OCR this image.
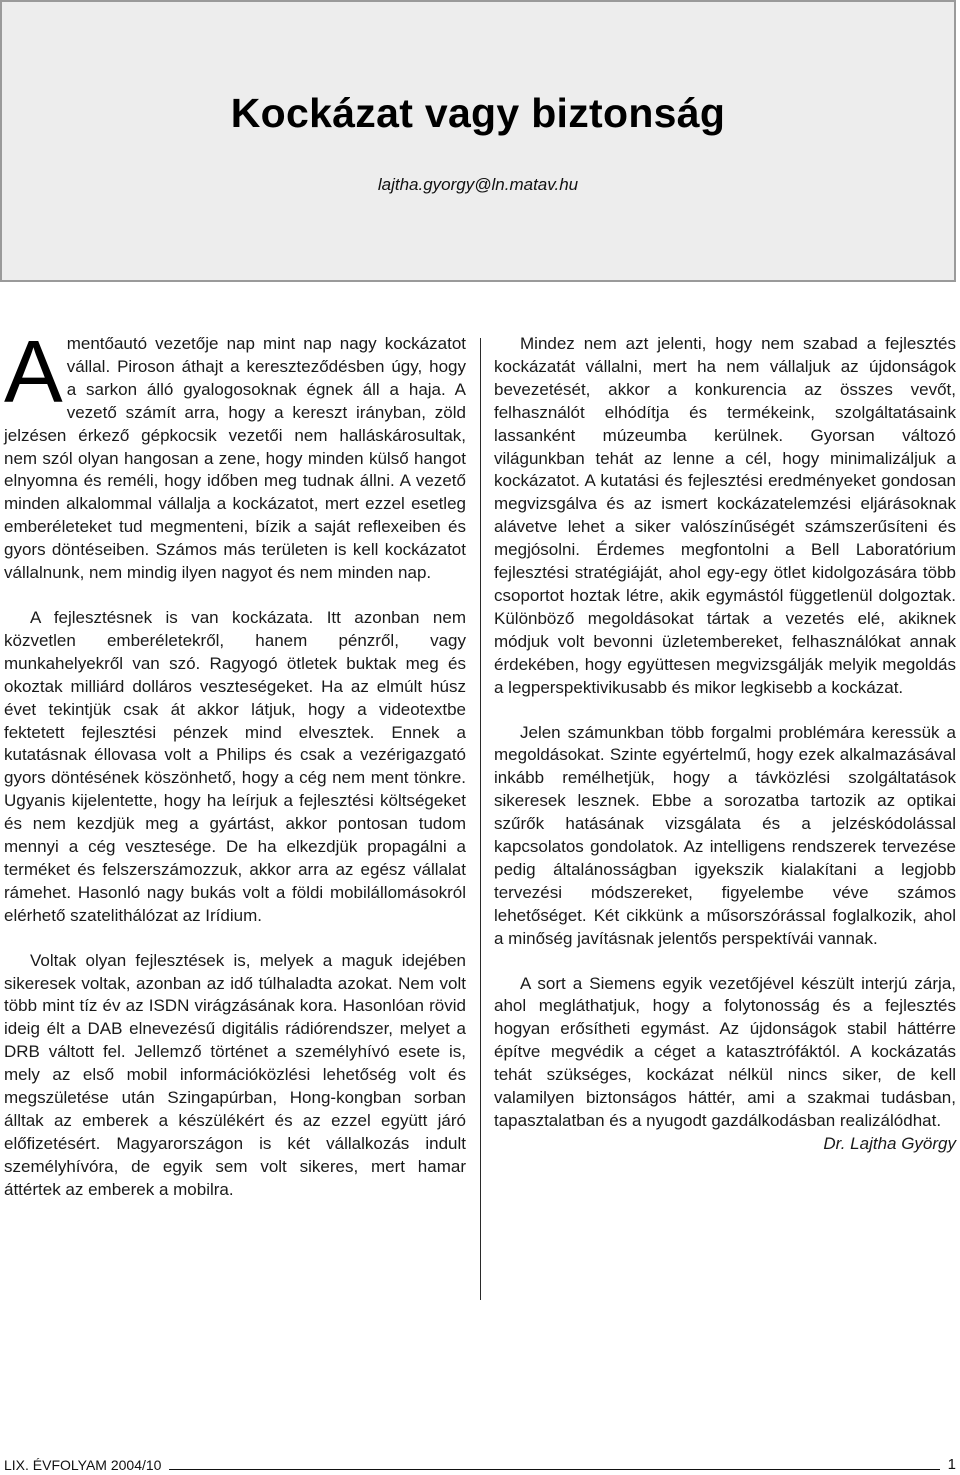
Kockázat vagy biztonság
lajtha.gyorgy@ln.matav.hu

Amentőautó vezetője nap mint nap nagy kockázatot vállal. Piroson áthajt a kereszteződésben úgy, hogy a sarkon álló gyalogosoknak égnek áll a haja. A vezető számít arra, hogy a kereszt irányban, zöld jelzésen érkező gépkocsik vezetői nem halláskárosultak, nem szól olyan hangosan a zene, hogy minden külső hangot elnyomna és reméli, hogy időben meg tudnak állni. A vezető minden alkalommal vállalja a kockázatot, mert ezzel esetleg emberéleteket tud megmenteni, bízik a saját reflexeiben és gyors döntéseiben. Számos más területen is kell kockázatot vállalnunk, nem mindig ilyen nagyot és nem minden nap.

A fejlesztésnek is van kockázata. Itt azonban nem közvetlen emberéletekről, hanem pénzről, vagy munkahelyekről van szó. Ragyogó ötletek buktak meg és okoztak milliárd dolláros veszteségeket. Ha az elmúlt húsz évet tekintjük csak át akkor látjuk, hogy a videotextbe fektetett fejlesztési pénzek mind elvesztek. Ennek a kutatásnak éllovasa volt a Philips és csak a vezérigazgató gyors döntésének köszönhető, hogy a cég nem ment tönkre. Ugyanis kijelentette, hogy ha leírjuk a fejlesztési költségeket és nem kezdjük meg a gyártást, akkor pontosan tudom mennyi a cég vesztesége. De ha elkezdjük propagálni a terméket és felszerszámozzuk, akkor arra az egész vállalat rámehet. Hasonló nagy bukás volt a földi mobilállomásokról elérhető szatelithálózat az Irídium.

Voltak olyan fejlesztések is, melyek a maguk idejében sikeresek voltak, azonban az idő túlhaladta azokat. Nem volt több mint tíz év az ISDN virágzásának kora. Hasonlóan rövid ideig élt a DAB elnevezésű digitális rádiórendszer, melyet a DRB váltott fel. Jellemző történet a személyhívó esete is, mely az első mobil információközlési lehetőség volt és megszületése után Szingapúrban, Hong-kongban sorban álltak az emberek a készülékért és az ezzel együtt járó előfizetésért. Magyarországon is két vállalkozás indult személyhívóra, de egyik sem volt sikeres, mert hamar áttértek az emberek a mobilra.

Mindez nem azt jelenti, hogy nem szabad a fejlesztés kockázatát vállalni, mert ha nem vállaljuk az újdonságok bevezetését, akkor a konkurencia az összes vevőt, felhasználót elhódítja és termékeink, szolgáltatásaink lassanként múzeumba kerülnek. Gyorsan változó világunkban tehát az lenne a cél, hogy minimalizáljuk a kockázatot. A kutatási és fejlesztési eredményeket gondosan megvizsgálva és az ismert kockázatelemzési eljárásoknak alávetve lehet a siker valószínűségét számszerűsíteni és megjósolni. Érdemes megfontolni a Bell Laboratórium fejlesztési stratégiáját, ahol egy-egy ötlet kidolgozására több csoportot hoztak létre, akik egymástól függetlenül dolgoztak. Különböző megoldásokat tártak a vezetés elé, akiknek módjuk volt bevonni üzletembereket, felhasználókat annak érdekében, hogy együttesen megvizsgálják melyik megoldás a legperspektivikusabb és mikor legkisebb a kockázat.

Jelen számunkban több forgalmi problémára keressük a megoldásokat. Szinte egyértelmű, hogy ezek alkalmazásával inkább remélhetjük, hogy a távközlési szolgáltatások sikeresek lesznek. Ebbe a sorozatba tartozik az optikai szűrők hatásának vizsgálata és a jelzéskódolással kapcsolatos gondolatok. Az intelligens rendszerek tervezése pedig általánosságban igyekszik kialakítani a legjobb tervezési módszereket, figyelembe véve számos lehetőséget. Két cikkünk a műsorszórással foglalkozik, ahol a minőség javításnak jelentős perspektívái vannak.

A sort a Siemens egyik vezetőjével készült interjú zárja, ahol megláthatjuk, hogy a folytonosság és a fejlesztés hogyan erősítheti egymást. Az újdonságok stabil háttérre építve megvédik a céget a katasztrófáktól. A kockázatás tehát szükséges, kockázat nélkül nincs siker, de kell valamilyen biztonságos háttér, ami a szakmai tudásban, tapasztalatban és a nyugodt gazdálkodásban realizálódhat.

Dr. Lajtha György

LIX. ÉVFOLYAM 2004/10	1
